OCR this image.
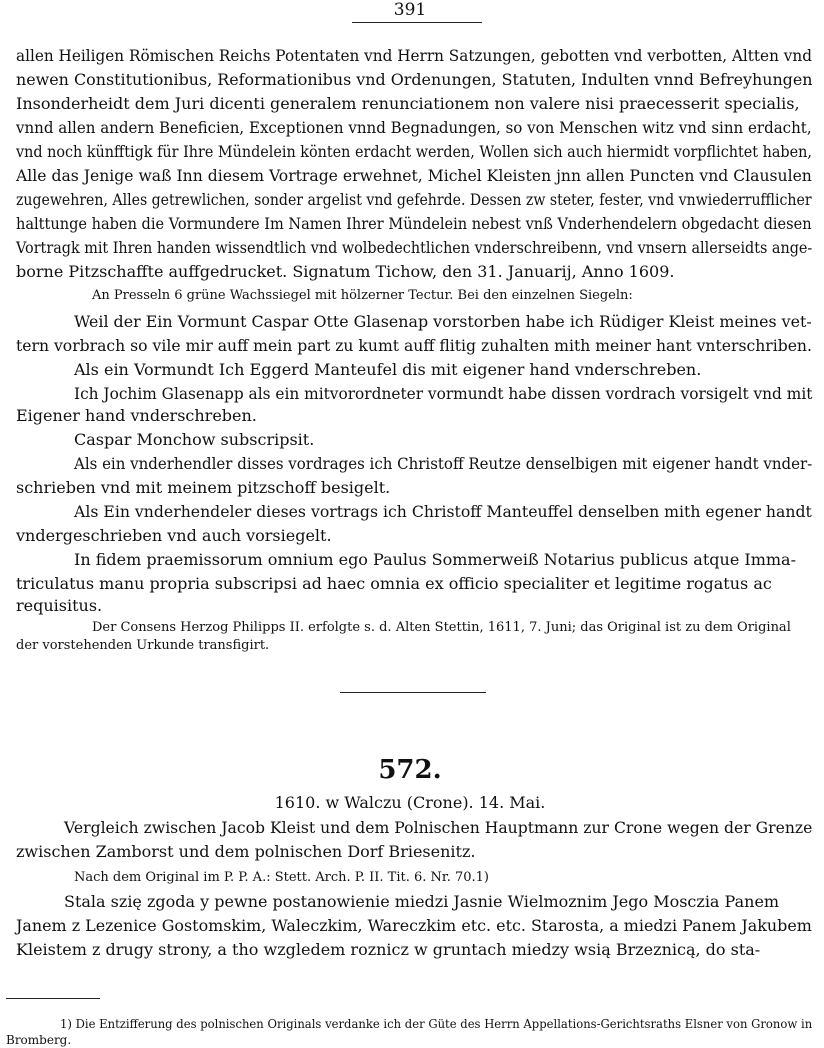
391
allen Heiligen Römischen Reichs Potentaten vnd Herrn Satzungen, gebotten vnd verbotten, Altten vnd
newen Constitutionibus, Reformationibus vnd Ordenungen, Statuten, Indulten vnnd Befreyhungen
Insonderheidt dem Juri dicenti generalem renunciationem non valere nisi praecesserit specialis,
vnnd allen andern Beneficien, Exceptionen vnnd Begnadungen, so von Menschen witz vnd sinn erdacht,
vnd noch künfftigk für Ihre Mündelein könten erdacht werden, Wollen sich auch hiermidt vorpflichtet haben,
Alle das Jenige waß Inn diesem Vortrage erwehnet, Michel Kleisten jnn allen Puncten vnd Clausulen
zugewehren, Alles getrewlichen, sonder argelist vnd gefehrde. Dessen zw steter, fester, vnd vnwiederrufflicher
halttunge haben die Vormundere Im Namen Ihrer Mündelein nebest vnß Vnderhendelern obgedacht diesen
Vortragk mit Ihren handen wissendtlich vnd wolbedechtlichen vnderschreibenn, vnd vnsern allerseidts ange-
borne Pitzschaffte auffgedrucket. Signatum Tichow, den 31. Januarij, Anno 1609.
An Presseln 6 grüne Wachssiegel mit hölzerner Tectur. Bei den einzelnen Siegeln:
Weil der Ein Vormunt Caspar Otte Glasenap vorstorben habe ich Rüdiger Kleist meines vet-
tern vorbrach so vile mir auff mein part zu kumt auff flitig zuhalten mith meiner hant vnterschriben.
Als ein Vormundt Ich Eggerd Manteufel dis mit eigener hand vnderschreben.
Ich Jochim Glasenapp als ein mitvorordneter vormundt habe dissen vordrach vorsigelt vnd mit
Eigener hand vnderschreben.
Caspar Monchow subscripsit.
Als ein vnderhendler disses vordrages ich Christoff Reutze denselbigen mit eigener handt vnder-
schrieben vnd mit meinem pitzschoff besigelt.
Als Ein vnderhendeler dieses vortrags ich Christoff Manteuffel denselben mith egener handt
vndergeschrieben vnd auch vorsiegelt.
In fidem praemissorum omnium ego Paulus Sommerweiß Notarius publicus atque Imma-
triculatus manu propria subscripsi ad haec omnia ex officio specialiter et legitime rogatus ac
requisitus.
Der Consens Herzog Philipps II. erfolgte s. d. Alten Stettin, 1611, 7. Juni; das Original ist zu dem Original
der vorstehenden Urkunde transfigirt.
572.
1610. w Walczu (Crone). 14. Mai.
Vergleich zwischen Jacob Kleist und dem Polnischen Hauptmann zur Crone wegen der Grenze
zwischen Zamborst und dem polnischen Dorf Briesenitz.
Nach dem Original im P. P. A.: Stett. Arch. P. II. Tit. 6. Nr. 70.1)
Stala szię zgoda y pewne postanowienie miedzi Jasnie Wielmoznim Jego Mosczia Panem
Janem z Lezenice Gostomskim, Waleczkim, Wareczkim etc. etc. Starosta, a miedzi Panem Jakubem
Kleistem z drugy strony, a tho wzgledem roznicz w gruntach miedzy wsią Brzeznicą, do sta-
1) Die Entzifferung des polnischen Originals verdanke ich der Güte des Herrn Appellations-Gerichtsraths Elsner von Gronow in
Bromberg.
